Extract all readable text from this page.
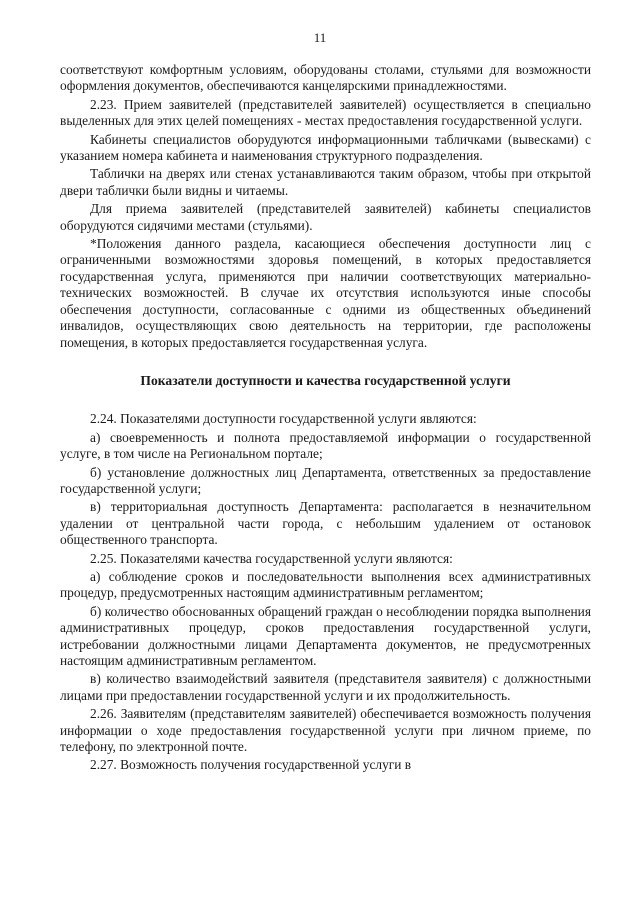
11

соответствуют комфортным условиям, оборудованы столами, стульями для возможности оформления документов, обеспечиваются канцелярскими принадлежностями.

2.23. Прием заявителей (представителей заявителей) осуществляется в специально выделенных для этих целей помещениях - местах предоставления государственной услуги.

Кабинеты специалистов оборудуются информационными табличками (вывесками) с указанием номера кабинета и наименования структурного подразделения.

Таблички на дверях или стенах устанавливаются таким образом, чтобы при открытой двери таблички были видны и читаемы.

Для приема заявителей (представителей заявителей) кабинеты специалистов оборудуются сидячими местами (стульями).

*Положения данного раздела, касающиеся обеспечения доступности лиц с ограниченными возможностями здоровья помещений, в которых предоставляется государственная услуга, применяются при наличии соответствующих материально-технических возможностей. В случае их отсутствия используются иные способы обеспечения доступности, согласованные с одними из общественных объединений инвалидов, осуществляющих свою деятельность на территории, где расположены помещения, в которых предоставляется государственная услуга.

Показатели доступности и качества государственной услуги

2.24. Показателями доступности государственной услуги являются:

а) своевременность и полнота предоставляемой информации о государственной услуге, в том числе на Региональном портале;

б) установление должностных лиц Департамента, ответственных за предоставление государственной услуги;

в) территориальная доступность Департамента: располагается в незначительном удалении от центральной части города, с небольшим удалением от остановок общественного транспорта.

2.25. Показателями качества государственной услуги являются:

а) соблюдение сроков и последовательности выполнения всех административных процедур, предусмотренных настоящим административным регламентом;

б) количество обоснованных обращений граждан о несоблюдении порядка выполнения административных процедур, сроков предоставления государственной услуги, истребовании должностными лицами Департамента документов, не предусмотренных настоящим административным регламентом.

в) количество взаимодействий заявителя (представителя заявителя) с должностными лицами при предоставлении государственной услуги и их продолжительность.

2.26. Заявителям (представителям заявителей) обеспечивается возможность получения информации о ходе предоставления государственной услуги при личном приеме, по телефону, по электронной почте.

2.27. Возможность получения государственной услуги в
